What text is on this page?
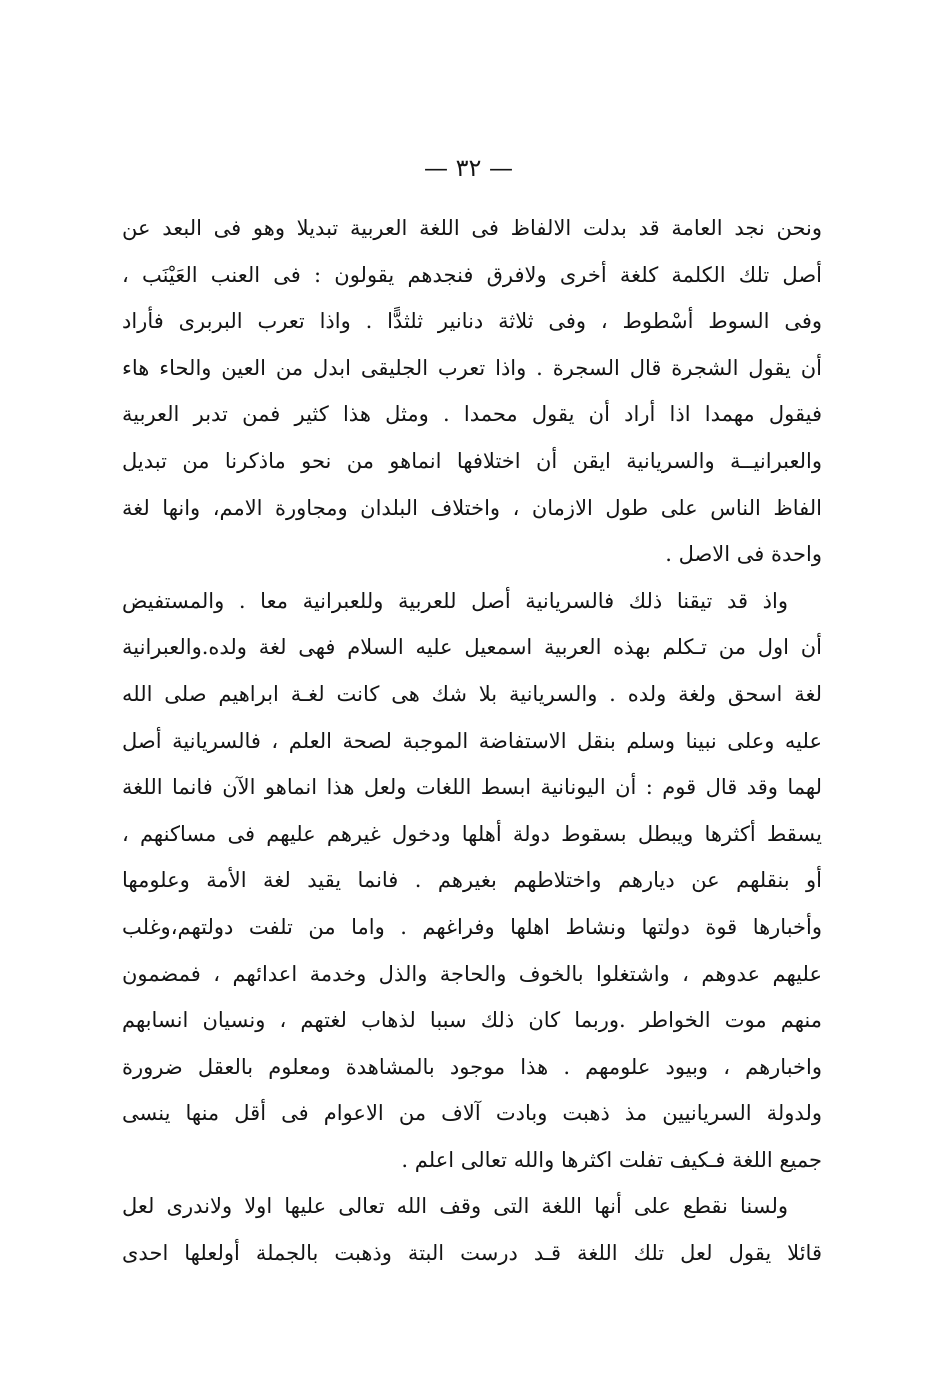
— ٣٢ —
ونحن نجد العامة قد بدلت الالفاظ فى اللغة العربية تبديلا وهو فى البعد عن
أصل تلك الكلمة كلغة أخرى ولافرق فنجدهم يقولون : فى العنب العَيْنَب ،
وفى السوط أسْطوط ، وفى ثلاثة دنانير ثلثدًّا . واذا تعرب البربرى فأراد
أن يقول الشجرة قال السجرة . واذا تعرب الجليقى ابدل من العين والحاء هاء
فيقول مهمدا اذا أراد أن يقول محمدا . ومثل هذا كثير فمن تدبر العربية
والعبرانيــة والسريانية ايقن أن اختلافها انماهو من نحو ماذكرنا من تبديل
الفاظ الناس على طول الازمان ، واختلاف البلدان ومجاورة الامم، وانها لغة
واحدة فى الاصل .
واذ قد تيقنا ذلك فالسريانية أصل للعربية وللعبرانية معا . والمستفيض
أن اول من تـكلم بهذه العربية اسمعيل عليه السلام فهى لغة ولده.والعبرانية
لغة اسحق ولغة ولده . والسريانية بلا شك هى كانت لغـة ابراهيم صلى الله
عليه وعلى نبينا وسلم بنقل الاستفاضة الموجبة لصحة العلم ، فالسريانية أصل
لهما وقد قال قوم : أن اليونانية ابسط اللغات ولعل هذا انماهو الآن فانما اللغة
يسقط أكثرها ويبطل بسقوط دولة أهلها ودخول غيرهم عليهم فى مساكنهم ،
أو بنقلهم عن ديارهم واختلاطهم بغيرهم . فانما يقيد لغة الأمة وعلومها
وأخبارها قوة دولتها ونشاط اهلها وفراغهم . واما من تلفت دولتهم،وغلب
عليهم عدوهم ، واشتغلوا بالخوف والحاجة والذل وخدمة اعدائهم ، فمضمون
منهم موت الخواطر .وربما كان ذلك سببا لذهاب لغتهم ، ونسيان انسابهم
واخبارهم ، وبيود علومهم . هذا موجود بالمشاهدة ومعلوم بالعقل ضرورة
ولدولة السريانيين مذ ذهبت وبادت آلاف من الاعوام فى أقل منها ينسى
جميع اللغة فـكيف تفلت اكثرها والله تعالى اعلم .
ولسنا نقطع على أنها اللغة التى وقف الله تعالى عليها اولا ولاندرى لعل
قائلا يقول لعل تلك اللغة قـد درست البتة وذهبت بالجملة أولعلها احدى
